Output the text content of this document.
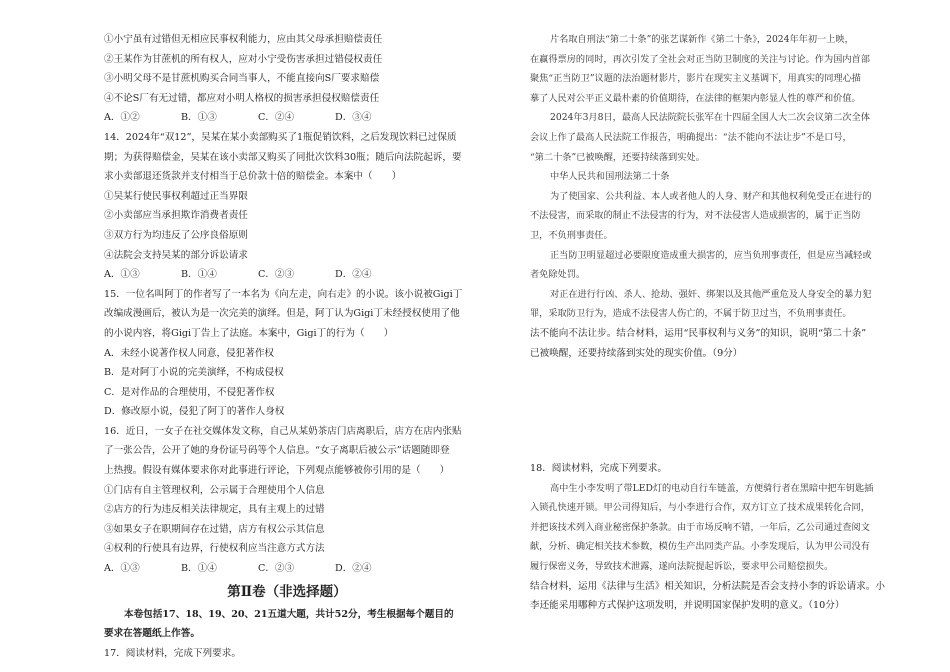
①小宁虽有过错但无相应民事权利能力，应由其父母承担赔偿责任
②王某作为甘蔗机的所有权人，应对小宁受伤害承担过错侵权责任
③小明父母不是甘蔗机购买合同当事人，不能直接向S厂要求赔偿
④不论S厂有无过错，都应对小明人格权的损害承担侵权赔偿责任
A．①②	B．①③	C．②④	D．③④
14．2024年“双12”，吴某在某小卖部购买了1瓶促销饮料，之后发现饮料已过保质
期；为获得赔偿金，吴某在该小卖部又购买了同批次饮料30瓶；随后向法院起诉，要
求小卖部退还货款并支付相当于总价款十倍的赔偿金。本案中（　　）
①吴某行使民事权利超过正当界限
②小卖部应当承担欺诈消费者责任
③双方行为均违反了公序良俗原则
④法院会支持吴某的部分诉讼请求
A．①③	B．①④	C．②③	D．②④
15．一位名叫阿丁的作者写了一本名为《向左走，向右走》的小说。该小说被Gigi丁
改编成漫画后，被认为是一次完美的演绎。但是，阿丁认为Gigi丁未经授权使用了他
的小说内容，将Gigi丁告上了法庭。本案中，Gigi丁的行为（　　）
A．未经小说著作权人同意，侵犯著作权
B．是对阿丁小说的完美演绎，不构成侵权
C．是对作品的合理使用，不侵犯著作权
D．修改原小说，侵犯了阿丁的著作人身权
16．近日，一女子在社交媒体发文称，自己从某奶茶店门店离职后，店方在店内张贴
了一张公告，公开了她的身份证号码等个人信息。“女子离职后被公示”话题随即登
上热搜。假设有媒体要求你对此事进行评论，下列观点能够被你引用的是（　　）
①门店有自主管理权利，公示属于合理使用个人信息
②店方的行为违反相关法律规定，具有主观上的过错
③如果女子在职期间存在过错，店方有权公示其信息
④权利的行使具有边界，行使权利应当注意方式方法
A．①③	B．①④	C．②③	D．②④
第Ⅱ卷（非选择题）
本卷包括17、18、19、20、21五道大题，共计52分，考生根据每个题目的
要求在答题纸上作答。
17．阅读材料，完成下列要求。
片名取自刑法“第二十条”的张艺谋新作《第二十条》，2024年年初一上映，
在赢得票房的同时，再次引发了全社会对正当防卫制度的关注与讨论。作为国内首部
聚焦“正当防卫”议题的法治题材影片，影片在现实主义基调下，用真实的同理心描
摹了人民对公平正义最朴素的价值期待，在法律的框架内彰显人性的尊严和价值。
2024年3月8日，最高人民法院院长张军在十四届全国人大二次会议第二次全体
会议上作了最高人民法院工作报告，明确提出：“法不能向不法让步”不是口号，
“第二十条”已被唤醒，还要持续落到实处。
中华人民共和国刑法第二十条
为了使国家、公共利益、本人或者他人的人身、财产和其他权利免受正在进行的
不法侵害，而采取的制止不法侵害的行为，对不法侵害人造成损害的，属于正当防
卫，不负刑事责任。
正当防卫明显超过必要限度造成重大损害的，应当负刑事责任，但是应当减轻或
者免除处罚。
对正在进行行凶、杀人、抢劫、强奸、绑架以及其他严重危及人身安全的暴力犯
罪，采取防卫行为，造成不法侵害人伤亡的，不属于防卫过当，不负刑事责任。
法不能向不法让步。结合材料，运用“民事权利与义务”的知识，说明“第二十条”
已被唤醒，还要持续落到实处的现实价值。（9分）
18．阅读材料，完成下列要求。
高中生小李发明了带LED灯的电动自行车链盖，方便骑行者在黑暗中把车钥匙插
入锁孔快速开锁。甲公司得知后，与小李进行合作，双方订立了技术成果转化合同，
并把该技术列入商业秘密保护条款。由于市场反响不错，一年后，乙公司通过查阅文
献，分析、确定相关技术参数，模仿生产出同类产品。小李发现后，认为甲公司没有
履行保密义务，导致技术泄露，遂向法院提起诉讼，要求甲公司赔偿损失。
结合材料，运用《法律与生活》相关知识，分析法院是否会支持小李的诉讼请求。小
李还能采用哪种方式保护这项发明，并说明国家保护发明的意义。（10分）
